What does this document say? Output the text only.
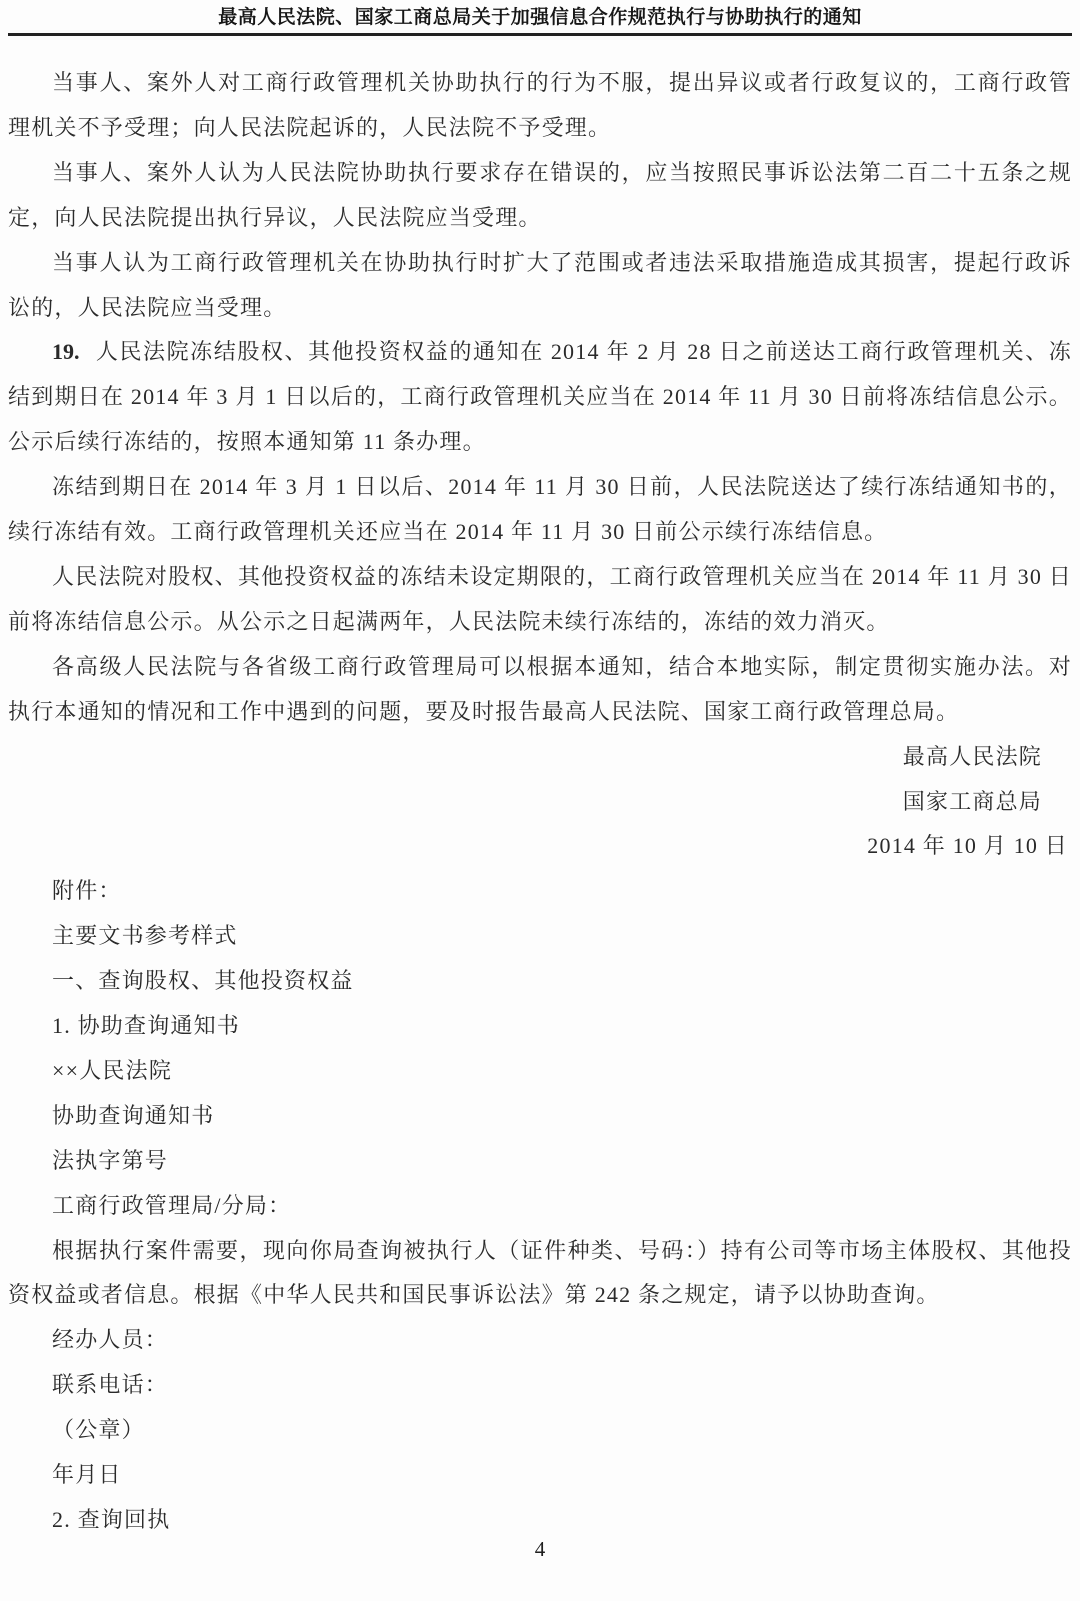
最高人民法院、国家工商总局关于加强信息合作规范执行与协助执行的通知

当事人、案外人对工商行政管理机关协助执行的行为不服，提出异议或者行政复议的，工商行政管理机关不予受理；向人民法院起诉的，人民法院不予受理。

当事人、案外人认为人民法院协助执行要求存在错误的，应当按照民事诉讼法第二百二十五条之规定，向人民法院提出执行异议，人民法院应当受理。

当事人认为工商行政管理机关在协助执行时扩大了范围或者违法采取措施造成其损害，提起行政诉讼的，人民法院应当受理。

19. 人民法院冻结股权、其他投资权益的通知在 2014 年 2 月 28 日之前送达工商行政管理机关、冻结到期日在 2014 年 3 月 1 日以后的，工商行政管理机关应当在 2014 年 11 月 30 日前将冻结信息公示。公示后续行冻结的，按照本通知第 11 条办理。

冻结到期日在 2014 年 3 月 1 日以后、2014 年 11 月 30 日前，人民法院送达了续行冻结通知书的，续行冻结有效。工商行政管理机关还应当在 2014 年 11 月 30 日前公示续行冻结信息。

人民法院对股权、其他投资权益的冻结未设定期限的，工商行政管理机关应当在 2014 年 11 月 30 日前将冻结信息公示。从公示之日起满两年，人民法院未续行冻结的，冻结的效力消灭。

各高级人民法院与各省级工商行政管理局可以根据本通知，结合本地实际，制定贯彻实施办法。对执行本通知的情况和工作中遇到的问题，要及时报告最高人民法院、国家工商行政管理总局。

最高人民法院

国家工商总局

2014 年 10 月 10 日

附件：

主要文书参考样式

一、查询股权、其他投资权益

1. 协助查询通知书

××人民法院

协助查询通知书

法执字第号

工商行政管理局/分局：

根据执行案件需要，现向你局查询被执行人（证件种类、号码：）持有公司等市场主体股权、其他投资权益或者信息。根据《中华人民共和国民事诉讼法》第 242 条之规定，请予以协助查询。

经办人员：

联系电话：

（公章）

年月日

2. 查询回执

4
